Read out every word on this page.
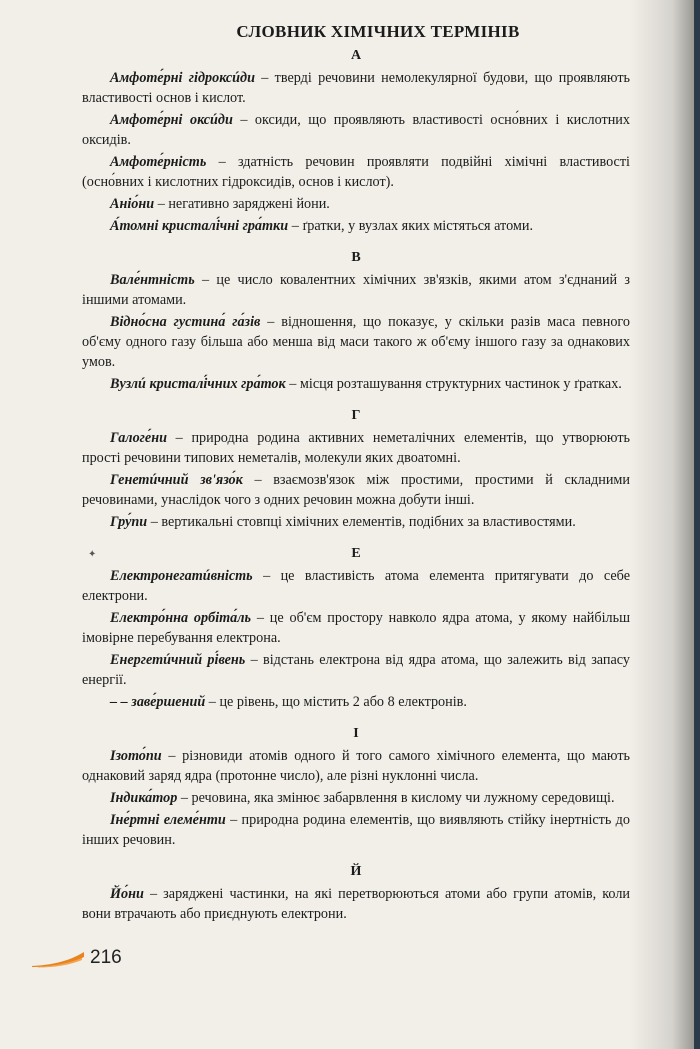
СЛОВНИК ХІМІЧНИХ ТЕРМІНІВ
А

Амфоте́рні гідроксúди – тверді речовини немолекулярної будови, що проявляють властивості основ і кислот.

Амфоте́рні оксúди – оксиди, що проявляють властивості осно́вних і кислотних оксидів.

Амфоте́рність – здатність речовин проявляти подвійні хімічні властивості (осно́вних і кислотних гідроксидів, основ і кислот).

Аніо́ни – негативно заряджені йони.

А́томні кристалі́чні гра́тки – ґратки, у вузлах яких містяться атоми.

В

Вале́нтність – це число ковалентних хімічних зв'язків, якими атом з'єднаний з іншими атомами.

Відно́сна густина́ га́зів – відношення, що показує, у скільки разів маса певного об'єму одного газу більша або менша від маси такого ж об'єму іншого газу за однакових умов.

Вузлú кристалі́чних гра́ток – місця розташування структурних частинок у ґратках.

Г

Галоге́ни – природна родина активних неметалічних елементів, що утворюють прості речовини типових неметалів, молекули яких двоатомні.

Генетúчний зв'язо́к – взаємозв'язок між простими, простими й складними речовинами, унаслідок чого з одних речовин можна добути інші.

Гру́пи – вертикальні стовпці хімічних елементів, подібних за властивостями.

Е

Електронегатúвність – це властивість атома елемента притягувати до себе електрони.

Електро́нна орбіта́ль – це об'єм простору навколо ядра атома, у якому найбільш імовірне перебування електрона.

Енергетúчний рі́вень – відстань електрона від ядра атома, що залежить від запасу енергії.

– – заве́ршений – це рівень, що містить 2 або 8 електронів.

І

Ізото́пи – різновиди атомів одного й того самого хімічного елемента, що мають однаковий заряд ядра (протонне число), але різні нуклонні числа.

Індика́тор – речовина, яка змінює забарвлення в кислому чи лужному середовищі.

Іне́ртні елеме́нти – природна родина елементів, що виявляють стійку інертність до інших речовин.

Й

Йо́ни – заряджені частинки, на які перетворюються атоми або групи атомів, коли вони втрачають або приєднують електрони.

✦
216
